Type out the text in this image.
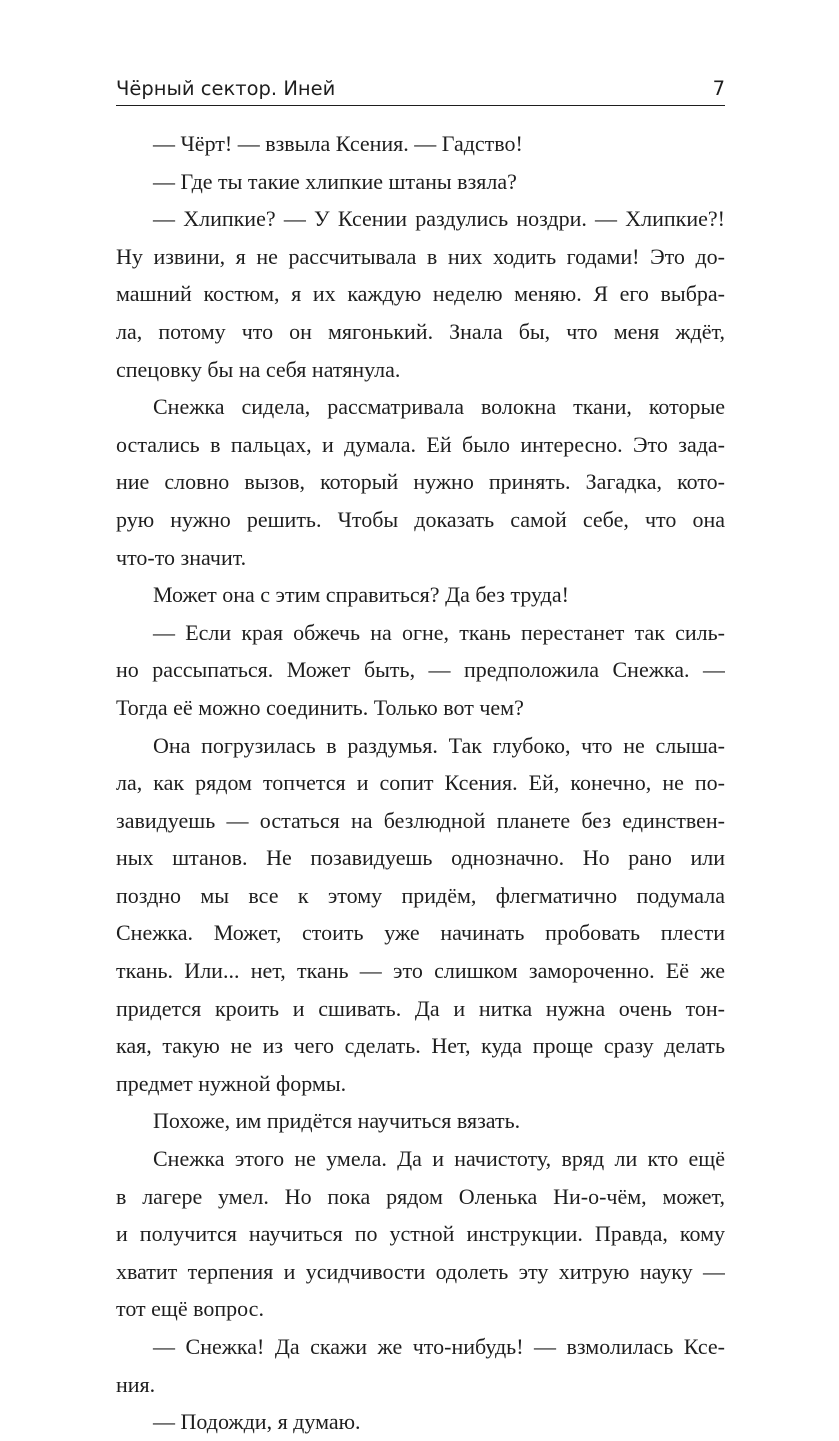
Чёрный сектор. Иней	7
— Чёрт! — взвыла Ксения. — Гадство!
— Где ты такие хлипкие штаны взяла?
— Хлипкие? — У Ксении раздулись ноздри. — Хлипкие?!
Ну извини, я не рассчитывала в них ходить годами! Это до-
машний костюм, я их каждую неделю меняю. Я его выбра-
ла, потому что он мягонький. Знала бы, что меня ждёт,
спецовку бы на себя натянула.
Снежка сидела, рассматривала волокна ткани, которые
остались в пальцах, и думала. Ей было интересно. Это зада-
ние словно вызов, который нужно принять. Загадка, кото-
рую нужно решить. Чтобы доказать самой себе, что она
что-то значит.
Может она с этим справиться? Да без труда!
— Если края обжечь на огне, ткань перестанет так силь-
но рассыпаться. Может быть, — предположила Снежка. —
Тогда её можно соединить. Только вот чем?
Она погрузилась в раздумья. Так глубоко, что не слыша-
ла, как рядом топчется и сопит Ксения. Ей, конечно, не по-
завидуешь — остаться на безлюдной планете без единствен-
ных штанов. Не позавидуешь однозначно. Но рано или
поздно мы все к этому придём, флегматично подумала
Снежка. Может, стоить уже начинать пробовать плести
ткань. Или... нет, ткань — это слишком замороченно. Её же
придется кроить и сшивать. Да и нитка нужна очень тон-
кая, такую не из чего сделать. Нет, куда проще сразу делать
предмет нужной формы.
Похоже, им придётся научиться вязать.
Снежка этого не умела. Да и начистоту, вряд ли кто ещё
в лагере умел. Но пока рядом Оленька Ни-о-чём, может,
и получится научиться по устной инструкции. Правда, кому
хватит терпения и усидчивости одолеть эту хитрую науку —
тот ещё вопрос.
— Снежка! Да скажи же что-нибудь! — взмолилась Ксе-
ния.
— Подожди, я думаю.
